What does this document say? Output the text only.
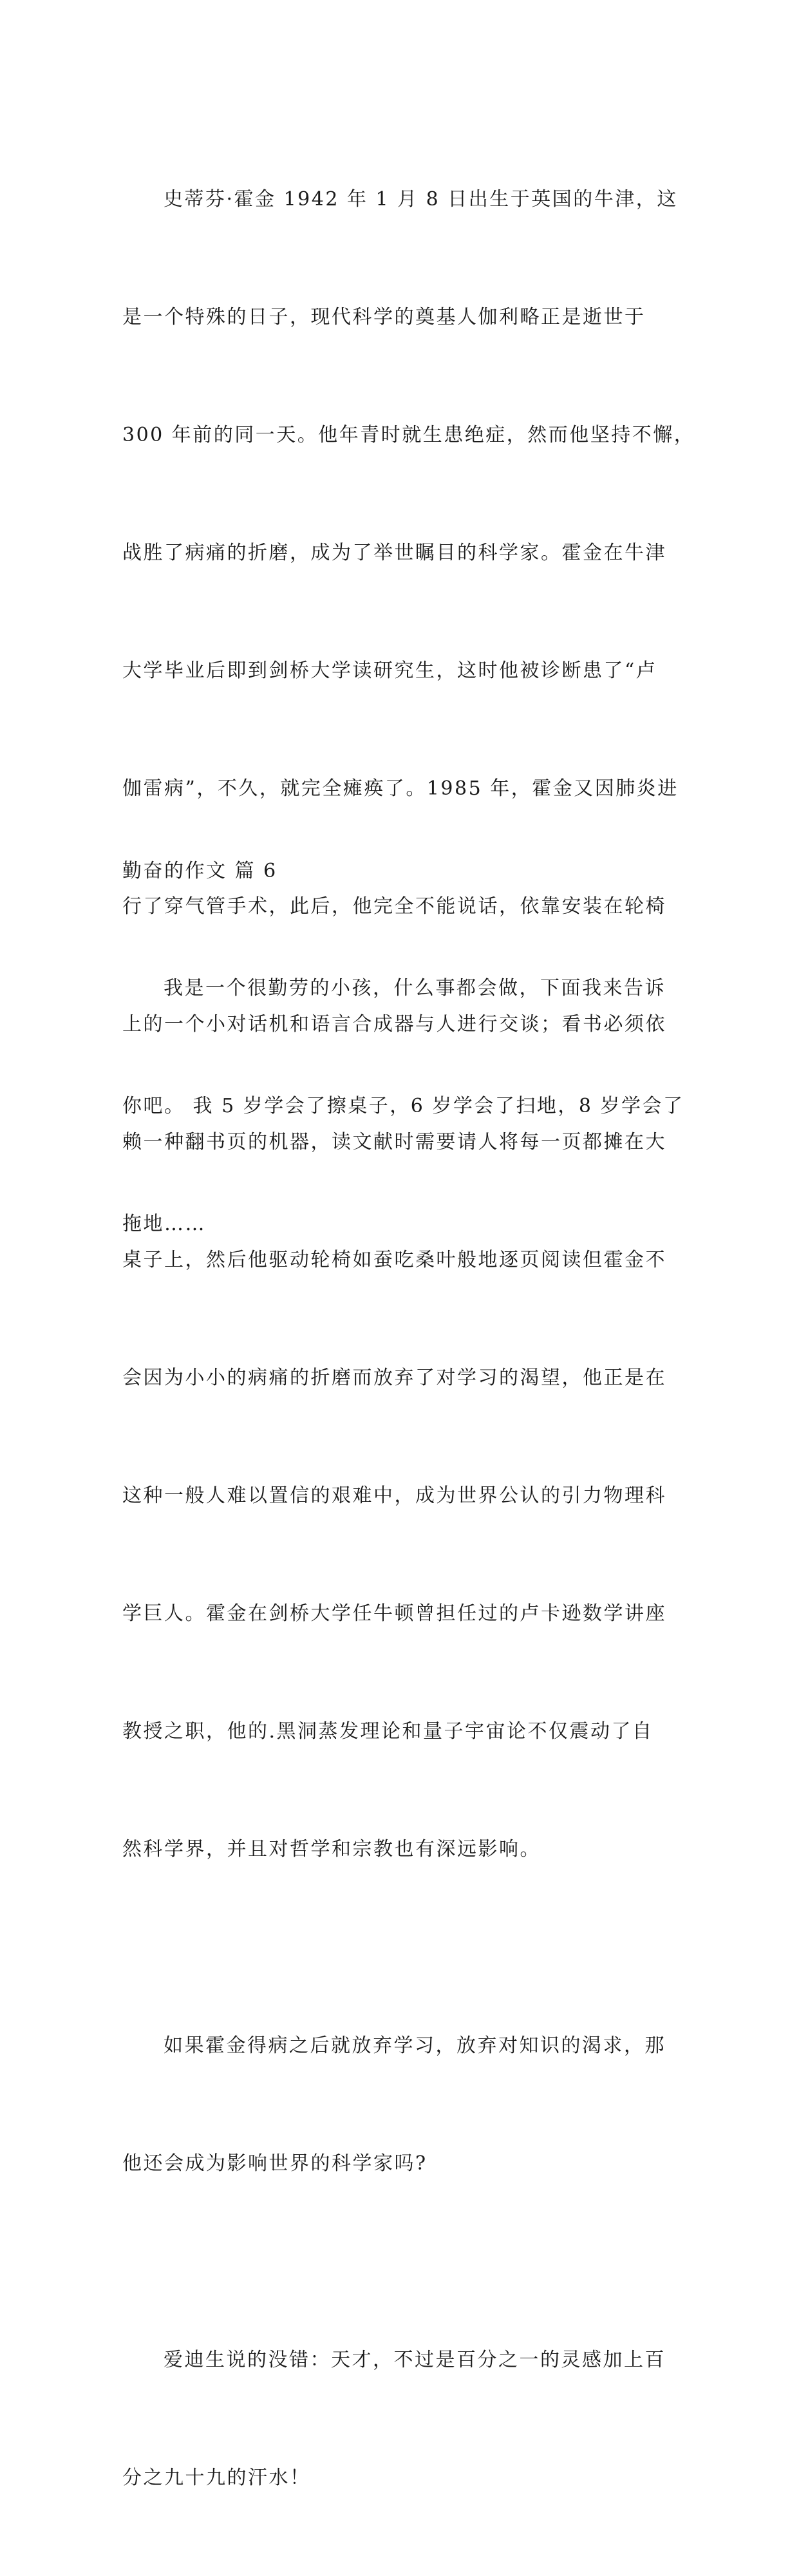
史蒂芬·霍金 1942 年 1 月 8 日出生于英国的牛津，这

是一个特殊的日子，现代科学的奠基人伽利略正是逝世于

300 年前的同一天。他年青时就生患绝症，然而他坚持不懈，

战胜了病痛的折磨，成为了举世瞩目的科学家。霍金在牛津

大学毕业后即到剑桥大学读研究生，这时他被诊断患了“卢

伽雷病”，不久，就完全瘫痪了。1985 年，霍金又因肺炎进

行了穿气管手术，此后，他完全不能说话，依靠安装在轮椅

上的一个小对话机和语言合成器与人进行交谈；看书必须依

赖一种翻书页的机器，读文献时需要请人将每一页都摊在大

桌子上，然后他驱动轮椅如蚕吃桑叶般地逐页阅读但霍金不

会因为小小的病痛的折磨而放弃了对学习的渴望，他正是在

这种一般人难以置信的艰难中，成为世界公认的引力物理科

学巨人。霍金在剑桥大学任牛顿曾担任过的卢卡逊数学讲座

教授之职，他的.黑洞蒸发理论和量子宇宙论不仅震动了自

然科学界，并且对哲学和宗教也有深远影响。

如果霍金得病之后就放弃学习，放弃对知识的渴求，那

他还会成为影响世界的科学家吗?

爱迪生说的没错：天才，不过是百分之一的灵感加上百

分之九十九的汗水！

勤奋的作文 篇 6

我是一个很勤劳的小孩，什么事都会做，下面我来告诉

你吧。 我 5 岁学会了擦桌子，6 岁学会了扫地，8 岁学会了

拖地……
